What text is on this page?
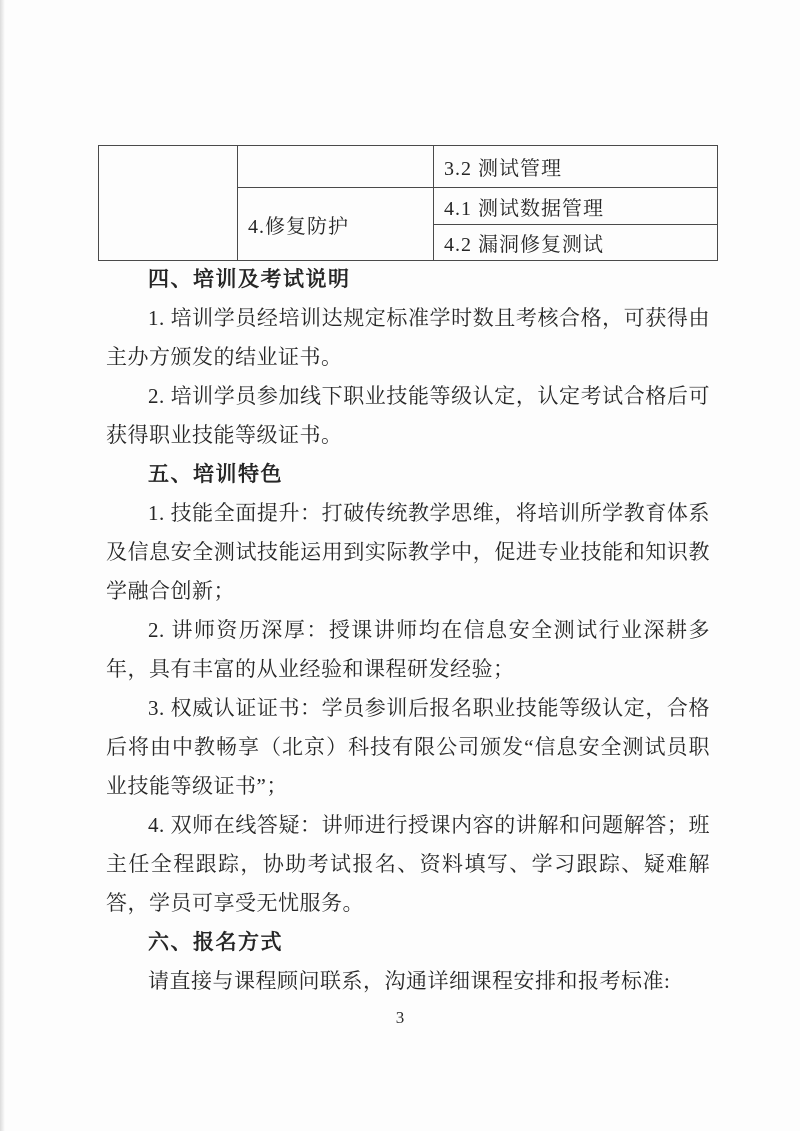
		3.2 测试管理
	4.修复防护	4.1 测试数据管理
		4.2 漏洞修复测试
四、培训及考试说明

1. 培训学员经培训达规定标准学时数且考核合格，可获得由主办方颁发的结业证书。

2. 培训学员参加线下职业技能等级认定，认定考试合格后可获得职业技能等级证书。

五、培训特色

1. 技能全面提升：打破传统教学思维，将培训所学教育体系及信息安全测试技能运用到实际教学中，促进专业技能和知识教学融合创新；

2. 讲师资历深厚：授课讲师均在信息安全测试行业深耕多年，具有丰富的从业经验和课程研发经验；

3. 权威认证证书：学员参训后报名职业技能等级认定，合格后将由中教畅享（北京）科技有限公司颁发“信息安全测试员职业技能等级证书”；

4. 双师在线答疑：讲师进行授课内容的讲解和问题解答；班主任全程跟踪，协助考试报名、资料填写、学习跟踪、疑难解答，学员可享受无忧服务。

六、报名方式

请直接与课程顾问联系，沟通详细课程安排和报考标准:

3
